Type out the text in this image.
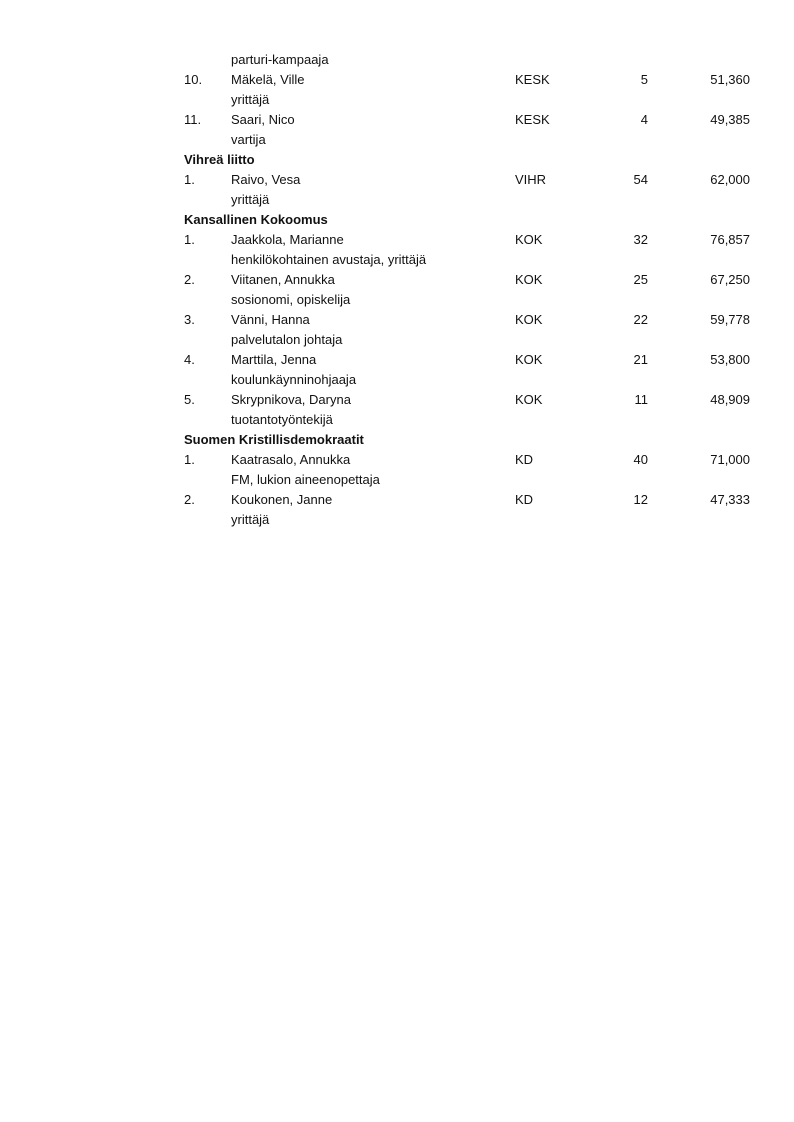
parturi-kampaaja
10. Mäkelä, Ville	KESK	5	51,360
yrittäjä
11. Saari, Nico	KESK	4	49,385
vartija
Vihreä liitto
1.	Raivo, Vesa	VIHR	54	62,000
yrittäjä
Kansallinen Kokoomus
1.	Jaakkola, Marianne	KOK	32	76,857
henkilökohtainen avustaja, yrittäjä
2.	Viitanen, Annukka	KOK	25	67,250
sosionomi, opiskelija
3.	Vänni, Hanna	KOK	22	59,778
palvelutalon johtaja
4.	Marttila, Jenna	KOK	21	53,800
koulunkäynninohjaaja
5.	Skrypnikova, Daryna	KOK	11	48,909
tuotantotyöntekijä
Suomen Kristillisdemokraatit
1.	Kaatrasalo, Annukka	KD	40	71,000
FM, lukion aineenopettaja
2.	Koukonen, Janne	KD	12	47,333
yrittäjä
